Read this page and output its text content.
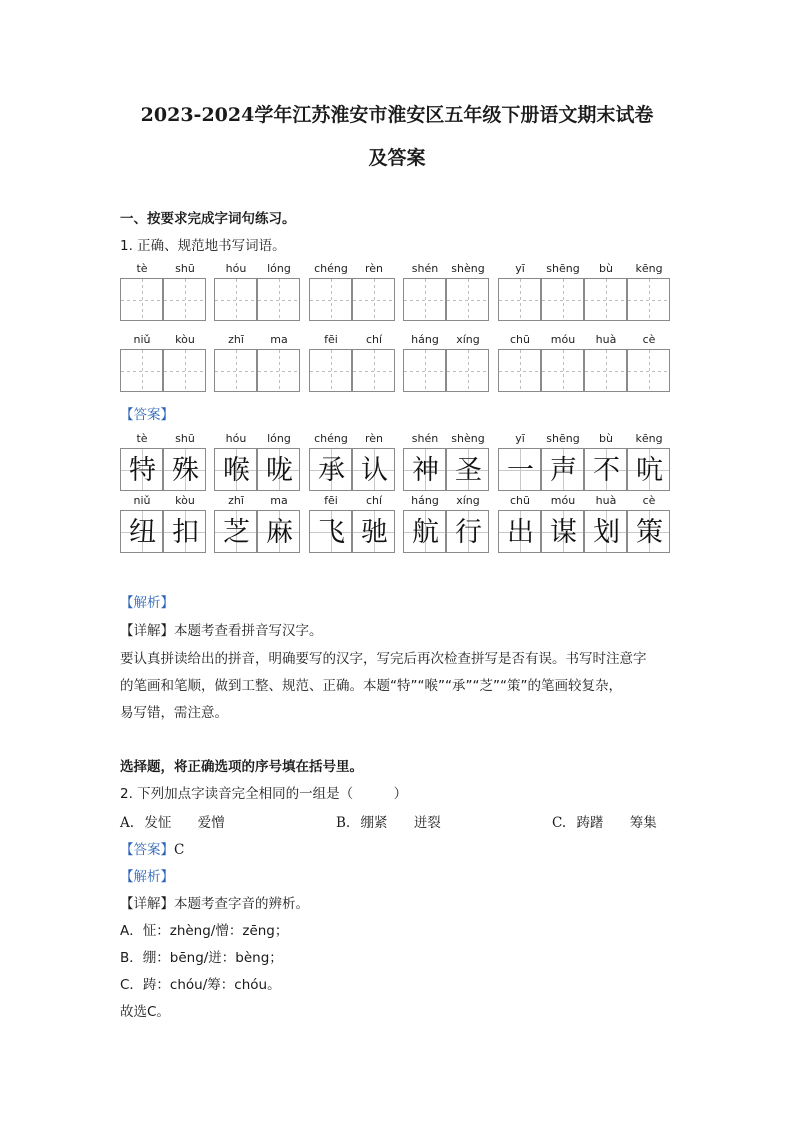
2023-2024学年江苏淮安市淮安区五年级下册语文期末试卷
及答案
一、按要求完成字词句练习。
1. 正确、规范地书写词语。
tè	shū	hóu	lóng	chéng	rèn	shén	shèng	yī	shēng	bù	kēng
niǔ	kòu	zhī	ma	fēi	chí	háng	xíng	chū	móu	huà	cè
【答案】
tè	shū
特 殊
hóu	lóng
喉 咙
chéng	rèn
承 认
shén	shèng
神 圣
yī	shēng	bù	kēng
一 声 不 吭
niǔ	kòu
纽 扣
zhī	ma
芝 麻
fēi	chí
飞 驰
háng	xíng
航 行
chū	móu	huà	cè
出 谋 划 策
【解析】
【详解】本题考查看拼音写汉字。
要认真拼读给出的拼音，明确要写的汉字，写完后再次检查拼写是否有误。书写时注意字
的笔画和笔顺，做到工整、规范、正确。本题“特”“喉”“承”“芝”“策”的笔画较复杂，
易写错，需注意。
选择题，将正确选项的序号填在括号里。
2. 下列加点字读音完全相同的一组是（　　　）
A. 发怔 爱憎	B. 绷紧 迸裂	C. 踌躇 筹集
【答案】C
【解析】
【详解】本题考查字音的辨析。
A．怔：zhèng/憎：zēng；
B．绷：bēng/迸：bèng；
C．踌：chóu/筹：chóu。
故选C。
